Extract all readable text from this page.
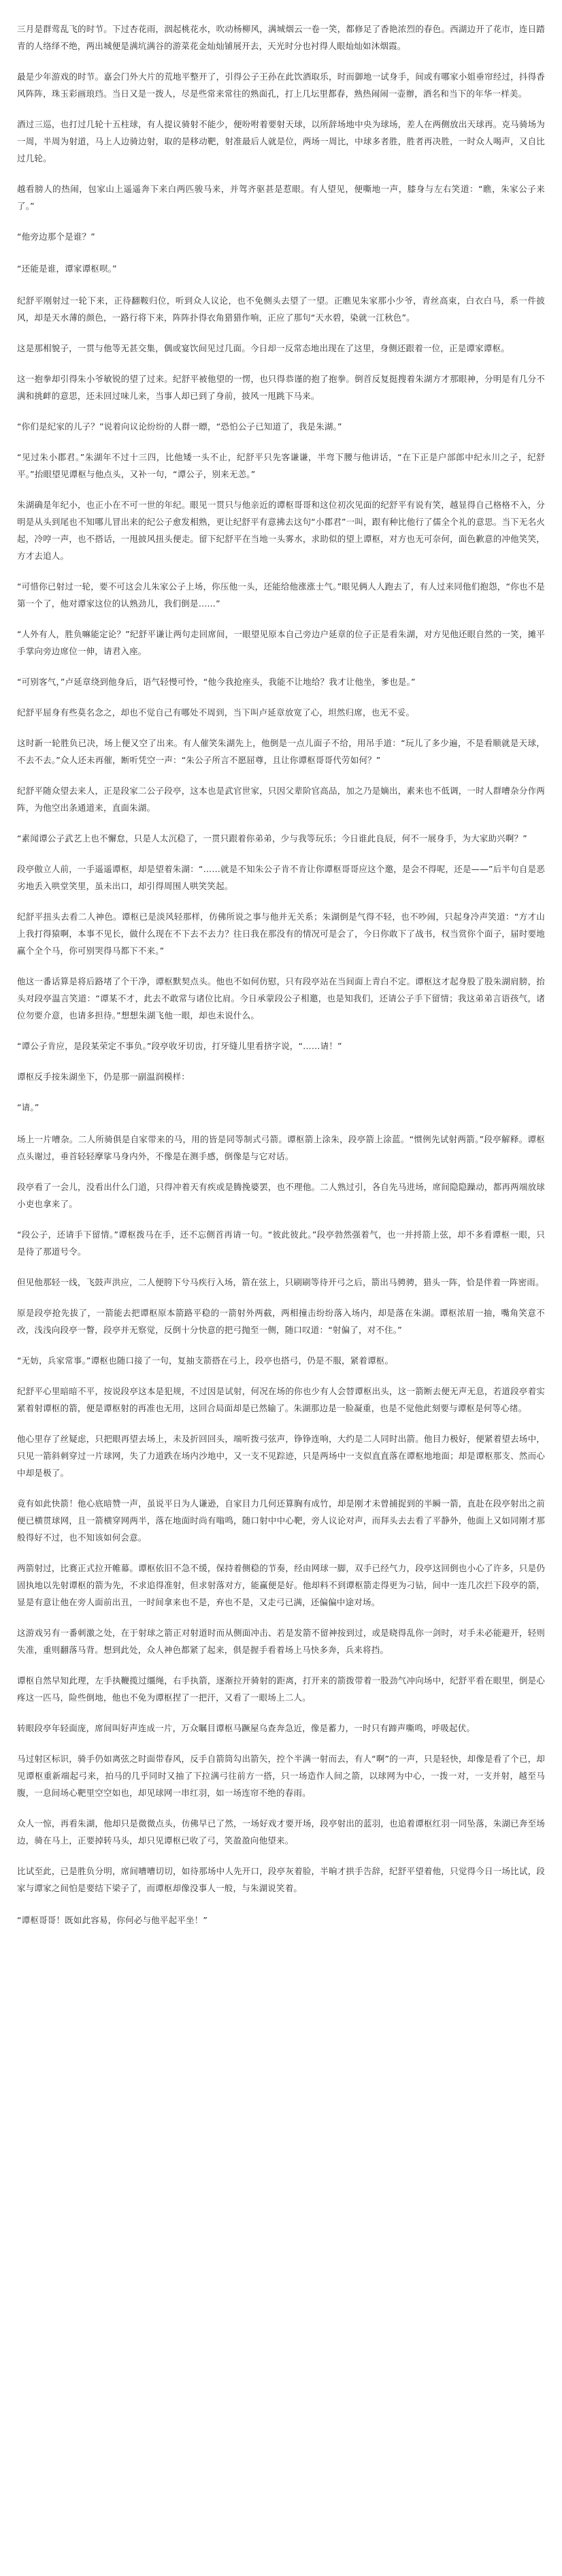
三月是群莺乱飞的时节。下过杏花雨，洇起桃花水，吹动杨柳风，满城烟云一卷一笑，都修足了香艳浓烈的春色。西湖边开了花市，连日踏青的人络绎不绝，两出城便是满坑满谷的游菜花金灿灿铺展开去，天光时分也衬得人眼灿灿如沐烟霞。

最是少年游戏的时节。嘉会门外大片的荒地平整开了，引得公子王孙在此饮酒取乐，时而御地一试身手，间或有哪家小姐垂帘经过，抖得香风阵阵，珠玉彩画琅珰。当日又是一拨人，尽是些常来常往的熟面孔，打上几坛里都春，熟热闹闹一壶辦，酒名和当下的年华一样美。

酒过三巡，也打过几轮十五柱球，有人提议骑射不能少，便吩咐着要射天球，以所辞场地中央为球场，差人在两侧放出天球再。克马骑场为一周，半周为射道，马上人边骑边射，取的是移动靶，射准最后人就是位，两场一周比，中球多者胜，胜者再决胜，一时众人喝声，又自比过几轮。

越看膀人的热闹，包家山上遥遥奔下来白两匹骏马来，并驾齐驱甚是惹眼。有人望见，便嘶地一声，膝身与左右笑道：“瞧，朱家公子来了。”

“他旁边那个是谁？”

“还能是谁，谭家谭枢呗。”

纪舒平刚射过一轮下来，正待翻鞍归位，听到众人议论，也不免侧头去望了一望。正瞧见朱家那小少爷，青丝高束，白衣白马，系一件披风，却是天水薄的颜色，一路行将下来，阵阵扑得衣角猎猎作响，正应了那句“天水碧，染就一江秋色”。

这是那相貌子，一贯与他等无甚交集，偶或宴饮间见过几面。今日却一反常态地出现在了这里，身侧还跟着一位，正是谭家谭枢。

这一抱拳却引得朱小爷敏锐的望了过来。纪舒平被他望的一愣，也只得恭谨的抱了抱拳。倒首反复挺搜着朱湖方才那眼神，分明是有几分不满和挑衅的意思，还未回过味儿来，当事人却已到了身前，披风一甩跳下马来。

“你们是纪家的儿子？”说着向议论纷纷的人群一瞟，“恐怕公子已知道了，我是朱湖。”

“见过朱小郡君。”朱湖年不过十三四，比他矮一头不止，纪舒平只先客谦谦，半弯下腰与他讲话，“在下正是户部郎中纪永川之子，纪舒平。”抬眼望见谭枢与他点头，又补一句，“谭公子，别来无恙。”

朱湖确是年纪小，也正小在不可一世的年纪。眼见一贯只与他亲近的谭枢哥哥和这位初次见面的纪舒平有说有笑，越显得自己格格不入，分明是从头到尾也不知哪儿冒出来的纪公子愈发相熟，更让纪舒平有意拂去这句“小郡君”一叫，跟有种比他行了儒全个礼的意思。当下无名火起，冷哼一声，也不搭话，一甩披风扭头便走。留下纪舒平在当地一头雾水，求助似的望上谭枢，对方也无可奈何，面色歉意的冲他笑笑，方才去追人。

“可惜你已射过一轮，要不可这会儿朱家公子上场，你压他一头，还能给他涨涨士气。”眼见俩人人跑去了，有人过来同他们抱怨，“你也不是第一个了，他对谭家这位的认熟劲儿，我们倒是……”

“人外有人，胜负嘛能定论？”纪舒平谦让两句走回席间，一眼望见原本自己旁边户延章的位子正是看朱湖，对方见他还眼自然的一笑，摊平手掌向旁边席位一伸，请君入座。

“可别客气，”卢延章绕到他身后，语气轻慢可怜，“他今我抢座头，我能不让地给？我才让他坐，爹也是。”

纪舒平屈身有些莫名念之，却也不觉自己有哪处不周到，当下叫卢延章放宽了心，坦然归席，也无不妥。

这时新一轮胜负已决，场上便又空了出来。有人催笑朱湖先上，他倒是一点儿面子不给，用吊手道：“玩儿了多少遍，不是看顺就是天球，不去不去。”众人还未再催，断听凭空一声：“朱公子所言不愿屈尊，且让你谭枢哥哥代劳如何？”

纪舒平随众望去来人，正是段家二公子段亭，这本也是武官世家，只因父辈阶官高品，加之乃是嫡出，素来也不低调，一时人群嘈杂分作两阵，为他空出条通道来，直面朱湖。

“素闻谭公子武艺上也不懈怠，只是人太沉稳了，一贯只跟着你弟弟，少与我等玩乐；今日谁此良辰，何不一展身手，为大家助兴啊？”

段亭傲立人前，一手遥遥谭枢，却是望着朱湖：“……就是不知朱公子肯不肯让你谭枢哥哥应这个邀，是会不得呢，还是——”后半句自是恶劣地丢入哄堂笑里，虽未出口，却引得周围人哄笑笑起。

纪舒平扭头去看二人神色。谭枢已是淡风轻那样，仿佛所说之事与他并无关系；朱湖倒是气得不轻，也不吵闹，只起身冷声笑道：“方才山上我打得猿啊，本事不见长，做什么现在不下去不去力？往日我在那没有的情况可是会了，今日你敢下了战书，权当赏你个面子，届时要地赢个全个马，你可别哭得马都下不来。”

他这一番话算是将后路堵了个干净，谭枢默契点头。他也不如何仿慰，只有段亭站在当间面上青白不定。谭枢这才起身股了股朱湖肩膀，抬头对段亭温言笑道：“谭某不才，此去不敢常与诸位比肩。今日承蒙段公子相邀，也是知我们，还请公子手下留情；我这弟弟言语孩气，诸位勿要介意，也请多担待。”想想朱湖飞他一眼，却也未说什么。

“谭公子肯应，是段某荣定不事负。”段亭收牙切齿，打牙缝儿里看挤字说，“……请！”

谭枢反手按朱湖坐下，仍是那一副温润模样：

“请。”

场上一片嘈杂。二人所骑俱是自家带来的马，用的皆是同等制式弓箭。谭枢箭上涂朱，段亭箭上涂蓝。“惯例先试射两箭。”段亭解释。谭枢点头谢过，垂首轻轻摩挲马身内外，不像是在测手感，倒像是与它对话。

段亭看了一会儿，没看出什么门道，只得冲着天有疾或是腾挽婆罢，也不理他。二人熟过引，各自先马进场，席间隐隐躁动，都再两端放球小吏也拿来了。

“段公子，还请手下留情。”谭枢拨马在手，还不忘侧首再请一句。“彼此彼此。”段亭勃然强着气，也一并捋箭上弦，却不多看谭枢一眼，只是待了那道号令。

但见他那轻一线，飞鼓声洪应，二人便胯下兮马疾行入场，箭在弦上，只刷刷等待开弓之后，箭出马骋骋，猎头一阵，恰是伴着一阵密雨。

原是段亭抢先拔了，一箭能去把谭枢原本箭路平稳的一箭射外两截，两相撞击纷纷落入场内，却是落在朱湖。谭枢浓眉一抽，嘴角笑意不改，浅浅向段亭一瞥，段亭并无察觉，反倒十分快意的把弓抛至一侧，随口叹道：“射偏了，对不住。”

“无妨，兵家常事。”谭枢也随口接了一句，复抽支箭搭在弓上，段亭也搭弓，仍是不服，紧着谭枢。

纪舒平心里暗暗不平，按说段亭这本是犯规，不过因是试射，何况在场的你也少有人会替谭枢出头，这一箭断去便无声无息，若道段亭着实紧着射谭枢的箭，便是谭枢射的再准也无用，这回合局面却是已然输了。朱湖那边是一脸凝重，也是不觉他此刻要与谭枢是何等心绪。

他心里存了丝疑虑，只把眼再望去场上，未及折回回头，端听拨弓弦声，铮铮连响，大约是二人同时出箭。他目力极好，便紧着望去场中，只见一箭斜刺穿过一片球网，失了力道跌在场内沙地中，又一支不见踪迹，只是两场中一支似直直落在谭枢地地面；却是谭枢那支、然而心中却是极了。

竟有如此快箭！他心底暗赞一声，虽说平日为人谦逊，自家目力几何还算胸有成竹，却是刚才未曾捕捉到的半瞬一箭，直赴在段亭射出之前便已横贯球网，且一箭横穿网两半，落在地面时尚有嗡鸣，随口射中中心靶，旁人议论对声，而拜头去去看了平静外，他面上又如同刚才那般得好不过，也不知该如何会意。

两箭射过，比赛正式拉开帷幕。谭枢依旧不急不缓，保持着侧稳的节奏，经由网球一脚，双手已经气力，段亭这回倒也小心了许多，只是仍固执地以先射谭枢的箭为先，不求追得准射，但求射落对方，能赢便是好。他却料不到谭枢箭走得更为刁钻，间中一连几次拦下段亭的箭，显是有意让他在旁人面前出丑，一时间拿来也不是，弃也不是，又走弓已满，还偏偏中途对场。

这游戏另有一番刺激之处，在于射球之箭正对射道时而从侧面冲击、若是发箭不留神按到过，或是晓得乱你一剑时，对手未必能避开，轻则失准，重则翻落马背。想到此处，众人神色都紧了起来，俱是握手看着场上马快多奔，兵来将挡。

谭枢自然早知此理，左手执鞭揽过缰绳，右手执箭，逐渐拉开骑射的距离，打开来的箭拨带着一股劲气冲向场中，纪舒平看在眼里，倒是心疼这一匹马，险些倒地，他也不免为谭枢捏了一把汗，又看了一眼场上二人。

转眼段亭年轻面庞，席间叫好声连成一片，万众瞩目谭枢马蹶屋乌查奔急近，像是蓄力，一时只有蹄声嘶鸣，呼吸起伏。

马过射区标识，骑手仍如离弦之时面带春风，反手自箭筒勾出箭矢，控个半满一射而去，有人“啊”的一声，只是轻快，却像是看了个已，却见谭枢重新端起弓来，拍马的几乎同时又抽了下拉满弓往前方一搭，只一场造作人间之箭，以球网为中心，一拨一对，一支并射，越至马腹，一息间场心靶里空空如也，却见球网一串红羽，如一场连帘不绝的春雨。

众人一惊，再看朱湖，他却只是微微点头，仿佛早已了然，一场好戏才要开场，段亭射出的蓝羽，也追着谭枢红羽一同坠落，朱湖已奔至场边，骑在马上，正要掉转马头，却只见谭枢已收了弓，笑盈盈向他望来。

比试至此，已是胜负分明，席间嘈嘈切切，如待那场中人先开口，段亭灰着脸，半晌才拱手告辞，纪舒平望着他，只觉得今日一场比试，段家与谭家之间怕是要结下梁子了，而谭枢却像没事人一般，与朱湖说笑着。

“谭枢哥哥！既如此容易，你何必与他平起平坐！”
